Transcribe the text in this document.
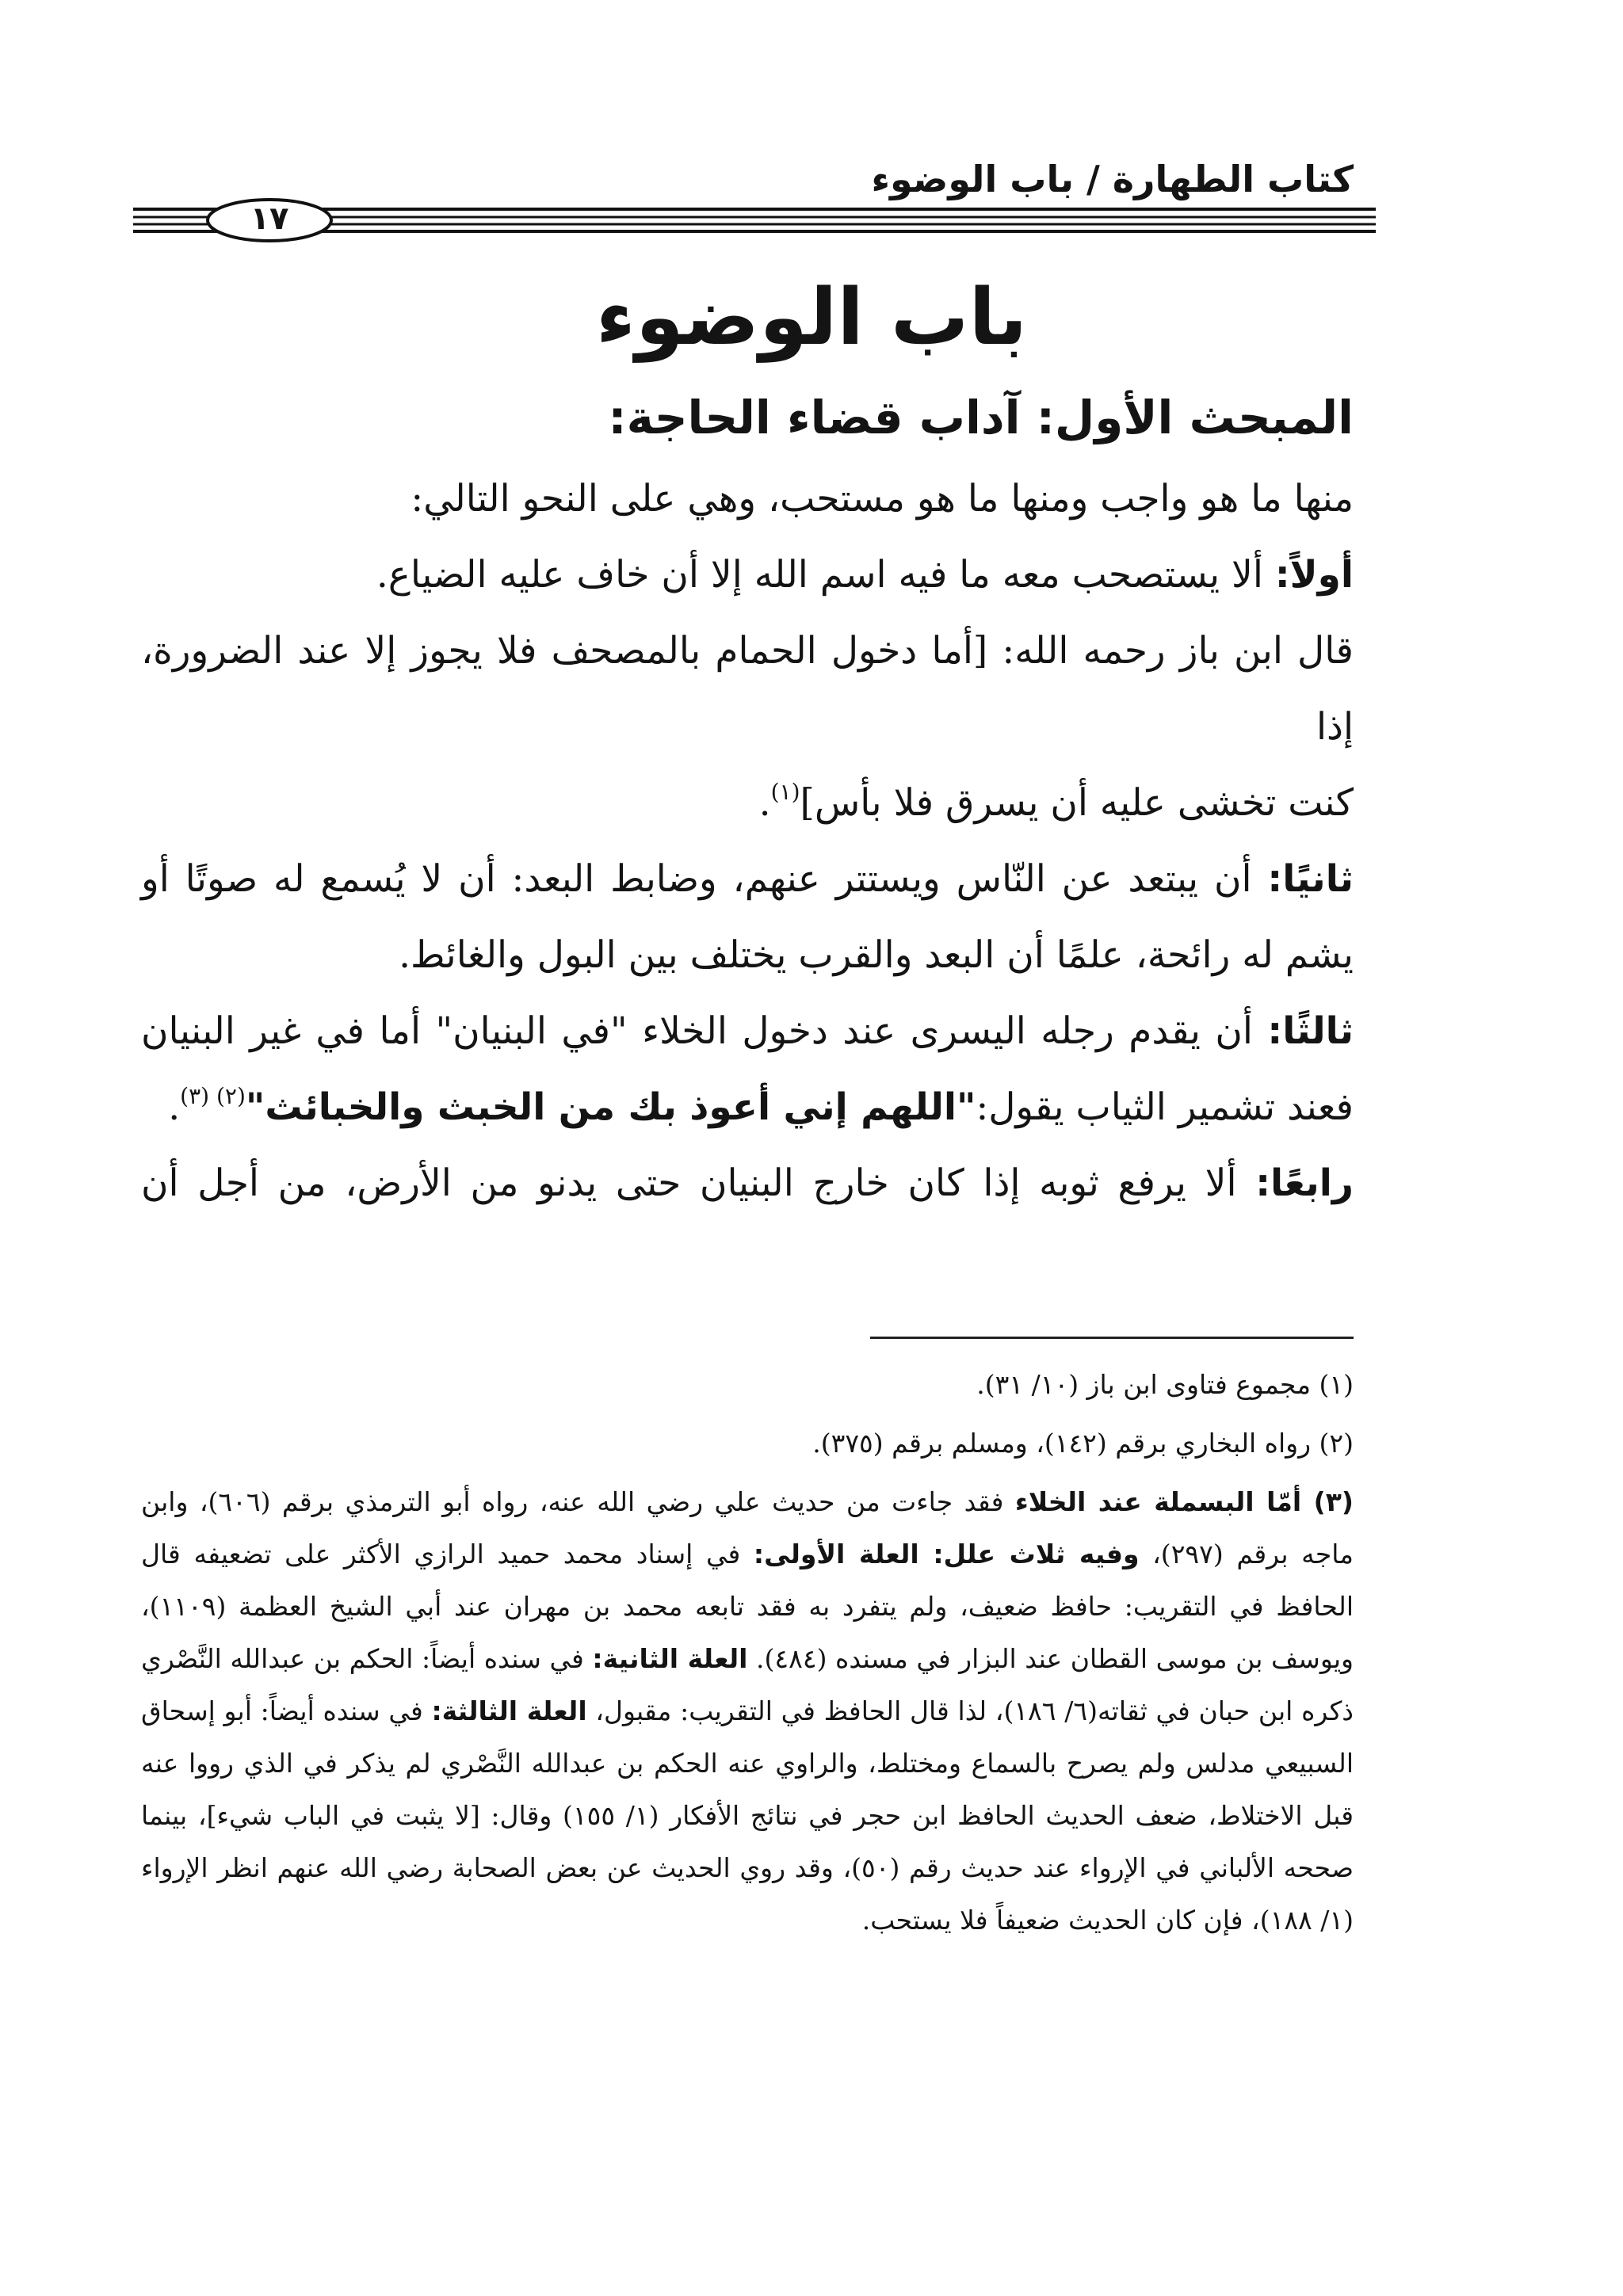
كتاب الطهارة / باب الوضوء
١٧
باب الوضوء
المبحث الأول: آداب قضاء الحاجة:

منها ما هو واجب ومنها ما هو مستحب، وهي على النحو التالي:

أولاً: ألا يستصحب معه ما فيه اسم الله إلا أن خاف عليه الضياع.

قال ابن باز رحمه الله: [أما دخول الحمام بالمصحف فلا يجوز إلا عند الضرورة، إذا

كنت تخشى عليه أن يسرق فلا بأس]$^{(١)}$.

ثانيًا: أن يبتعد عن النّاس ويستتر عنهم، وضابط البعد: أن لا يُسمع له صوتًا أو

يشم له رائحة، علمًا أن البعد والقرب يختلف بين البول والغائط.

ثالثًا: أن يقدم رجله اليسرى عند دخول الخلاء "في البنيان" أما في غير البنيان

فعند تشمير الثياب يقول:"اللهم إني أعوذ بك من الخبث والخبائث"$^{(٢) (٣)}$.

رابعًا: ألا يرفع ثوبه إذا كان خارج البنيان حتى يدنو من الأرض، من أجل أن

(١) مجموع فتاوى ابن باز (١٠/ ٣١).

(٢) رواه البخاري برقم (١٤٢)، ومسلم برقم (٣٧٥).

(٣) أمّا البسملة عند الخلاء فقد جاءت من حديث علي رضي الله عنه، رواه أبو الترمذي برقم (٦٠٦)، وابن ماجه برقم (٢٩٧)، وفيه ثلاث علل: العلة الأولى: في إسناد محمد حميد الرازي الأكثر على تضعيفه قال الحافظ في التقريب: حافظ ضعيف، ولم يتفرد به فقد تابعه محمد بن مهران عند أبي الشيخ العظمة (١١٠٩)، ويوسف بن موسى القطان عند البزار في مسنده (٤٨٤). العلة الثانية: في سنده أيضاً: الحكم بن عبدالله النَّصْري ذكره ابن حبان في ثقاته(٦/ ١٨٦)، لذا قال الحافظ في التقريب: مقبول، العلة الثالثة: في سنده أيضاً: أبو إسحاق السبيعي مدلس ولم يصرح بالسماع ومختلط، والراوي عنه الحكم بن عبدالله النَّصْري لم يذكر في الذي رووا عنه قبل الاختلاط، ضعف الحديث الحافظ ابن حجر في نتائج الأفكار (١/ ١٥٥) وقال: [لا يثبت في الباب شيء]، بينما صححه الألباني في الإرواء عند حديث رقم (٥٠)، وقد روي الحديث عن بعض الصحابة رضي الله عنهم انظر الإرواء (١/ ١٨٨)، فإن كان الحديث ضعيفاً فلا يستحب.
